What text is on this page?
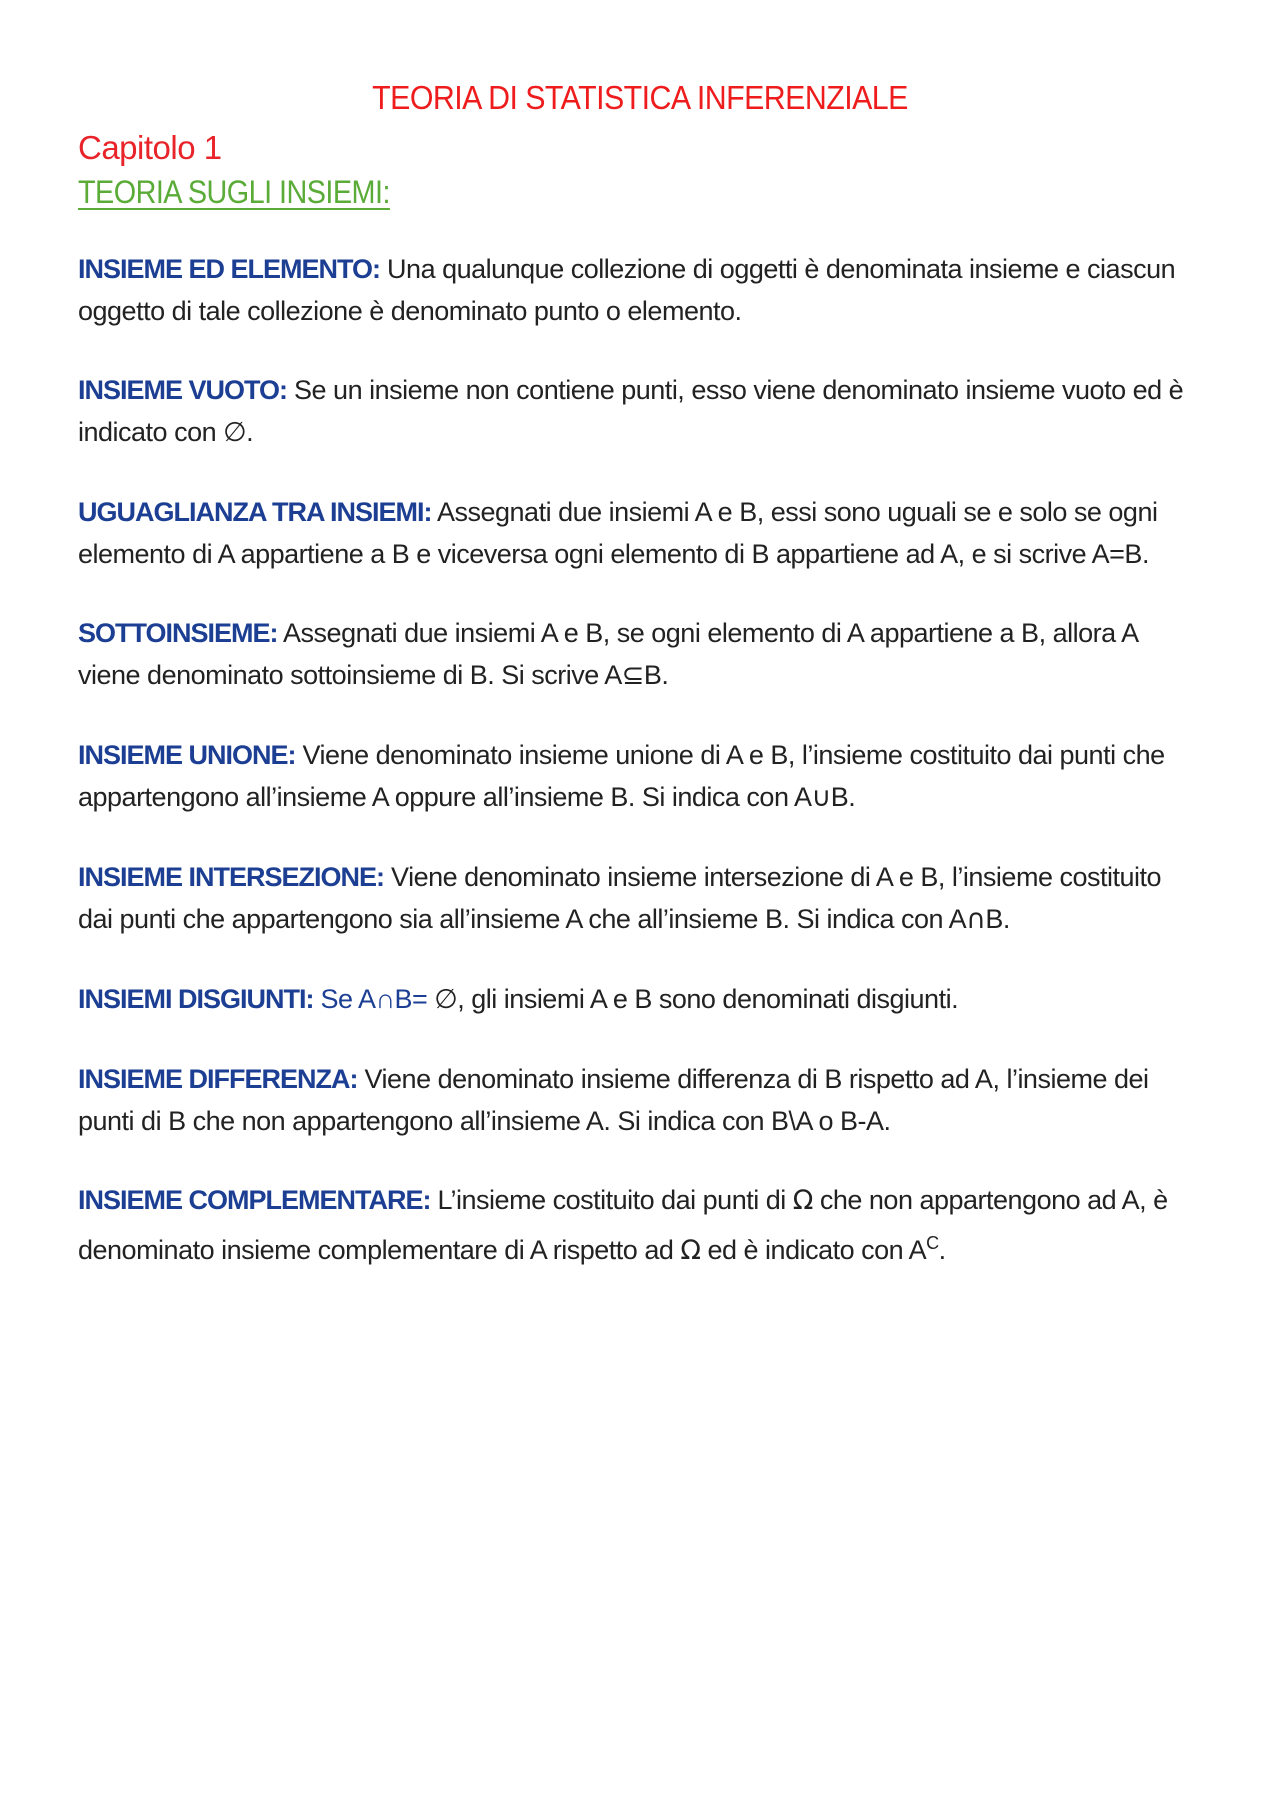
TEORIA DI STATISTICA INFERENZIALE
Capitolo 1
TEORIA SUGLI INSIEMI:

INSIEME ED ELEMENTO: Una qualunque collezione di oggetti è denominata insieme e ciascun oggetto di tale collezione è denominato punto o elemento.

INSIEME VUOTO: Se un insieme non contiene punti, esso viene denominato insieme vuoto ed è indicato con ∅.

UGUAGLIANZA TRA INSIEMI: Assegnati due insiemi A e B, essi sono uguali se e solo se ogni elemento di A appartiene a B e viceversa ogni elemento di B appartiene ad A, e si scrive A=B.

SOTTOINSIEME: Assegnati due insiemi A e B, se ogni elemento di A appartiene a B, allora A viene denominato sottoinsieme di B. Si scrive A⊆B.

INSIEME UNIONE: Viene denominato insieme unione di A e B, l’insieme costituito dai punti che appartengono all’insieme A oppure all’insieme B. Si indica con A∪B.

INSIEME INTERSEZIONE: Viene denominato insieme intersezione di A e B, l’insieme costituito dai punti che appartengono sia all’insieme A che all’insieme B. Si indica con A∩B.

INSIEMI DISGIUNTI: Se A∩B= ∅, gli insiemi A e B sono denominati disgiunti.

INSIEME DIFFERENZA: Viene denominato insieme differenza di B rispetto ad A, l’insieme dei punti di B che non appartengono all’insieme A. Si indica con B\A o B-A.

INSIEME COMPLEMENTARE: L’insieme costituito dai punti di Ω che non appartengono ad A, è denominato insieme complementare di A rispetto ad Ω ed è indicato con $A^C$.
